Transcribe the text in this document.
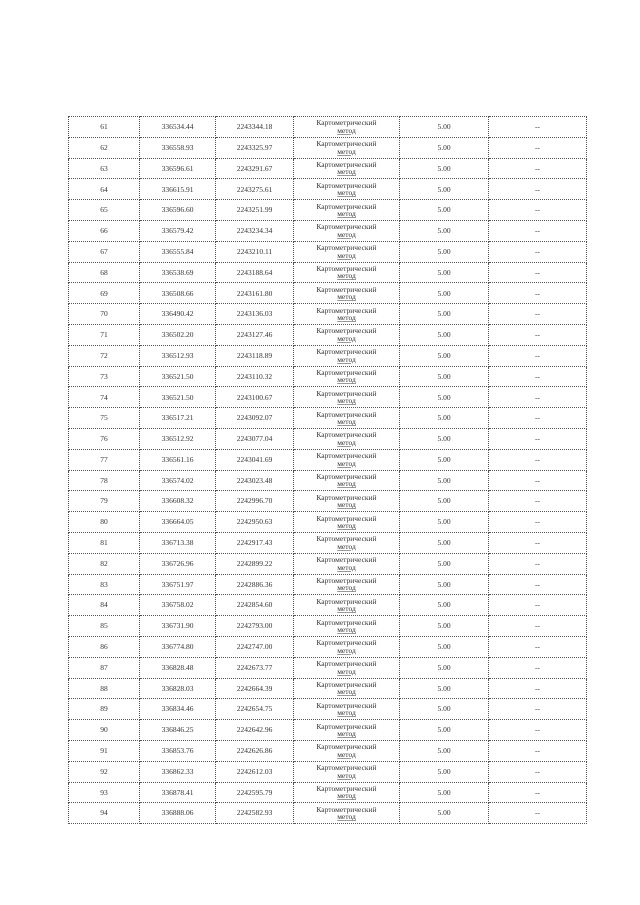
61	336534.44	2243344.18	Картометрический
метод	5.00	--
62	336558.93	2243325.97	Картометрический
метод	5.00	--
63	336596.61	2243291.67	Картометрический
метод	5.00	--
64	336615.91	2243275.61	Картометрический
метод	5.00	--
65	336596.60	2243251.99	Картометрический
метод	5.00	--
66	336579.42	2243234.34	Картометрический
метод	5.00	--
67	336555.84	2243210.11	Картометрический
метод	5.00	--
68	336538.69	2243188.64	Картометрический
метод	5.00	--
69	336508.66	2243161.80	Картометрический
метод	5.00	--
70	336490.42	2243136.03	Картометрический
метод	5.00	--
71	336502.20	2243127.46	Картометрический
метод	5.00	--
72	336512.93	2243118.89	Картометрический
метод	5.00	--
73	336521.50	2243110.32	Картометрический
метод	5.00	--
74	336521.50	2243100.67	Картометрический
метод	5.00	--
75	336517.21	2243092.07	Картометрический
метод	5.00	--
76	336512.92	2243077.04	Картометрический
метод	5.00	--
77	336561.16	2243041.69	Картометрический
метод	5.00	--
78	336574.02	2243023.48	Картометрический
метод	5.00	--
79	336608.32	2242996.70	Картометрический
метод	5.00	--
80	336664.05	2242950.63	Картометрический
метод	5.00	--
81	336713.38	2242917.43	Картометрический
метод	5.00	--
82	336726.96	2242899.22	Картометрический
метод	5.00	--
83	336751.97	2242886.36	Картометрический
метод	5.00	--
84	336758.02	2242854.60	Картометрический
метод	5.00	--
85	336731.90	2242793.00	Картометрический
метод	5.00	--
86	336774.80	2242747.00	Картометрический
метод	5.00	--
87	336828.48	2242673.77	Картометрический
метод	5.00	--
88	336828.03	2242664.39	Картометрический
метод	5.00	--
89	336834.46	2242654.75	Картометрический
метод	5.00	--
90	336846.25	2242642.96	Картометрический
метод	5.00	--
91	336853.76	2242626.86	Картометрический
метод	5.00	--
92	336862.33	2242612.03	Картометрический
метод	5.00	--
93	336878.41	2242595.79	Картометрический
метод	5.00	--
94	336888.06	2242582.93	Картометрический
метод	5.00	--
